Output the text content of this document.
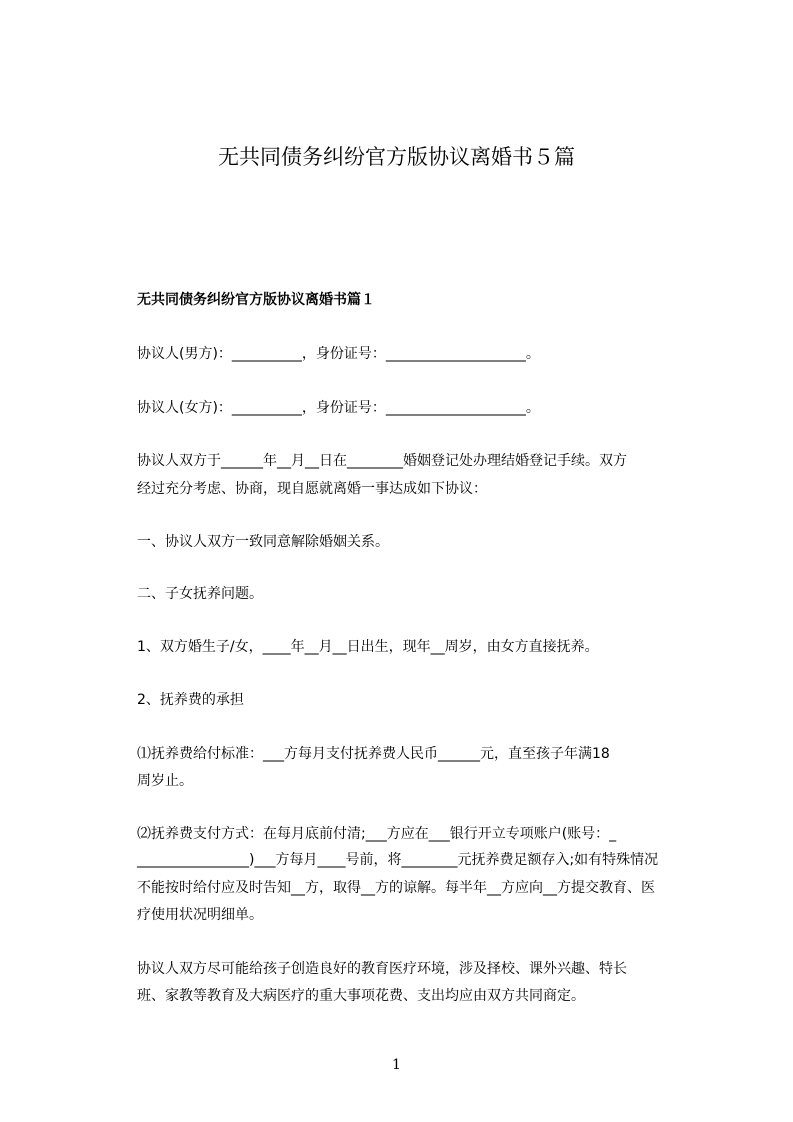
无共同债务纠纷官方版协议离婚书５篇

无共同债务纠纷官方版协议离婚书篇１

协议人(男方)：__________，身份证号：____________________。

协议人(女方)：__________，身份证号：____________________。

协议人双方于______年__月__日在________婚姻登记处办理结婚登记手续。双方

经过充分考虑、协商，现自愿就离婚一事达成如下协议：

一、协议人双方一致同意解除婚姻关系。

二、子女抚养问题。

1、双方婚生子/女，____年__月__日出生，现年__周岁，由女方直接抚养。

2、抚养费的承担

⑴抚养费给付标准：___方每月支付抚养费人民币______元，直至孩子年满18

周岁止。

⑵抚养费支付方式：在每月底前付清;___方应在___银行开立专项账户(账号：_

________________)___方每月____号前，将________元抚养费足额存入;如有特殊情况

不能按时给付应及时告知__方，取得__方的谅解。每半年__方应向__方提交教育、医

疗使用状况明细单。

协议人双方尽可能给孩子创造良好的教育医疗环境，涉及择校、课外兴趣、特长

班、家教等教育及大病医疗的重大事项花费、支出均应由双方共同商定。

1
